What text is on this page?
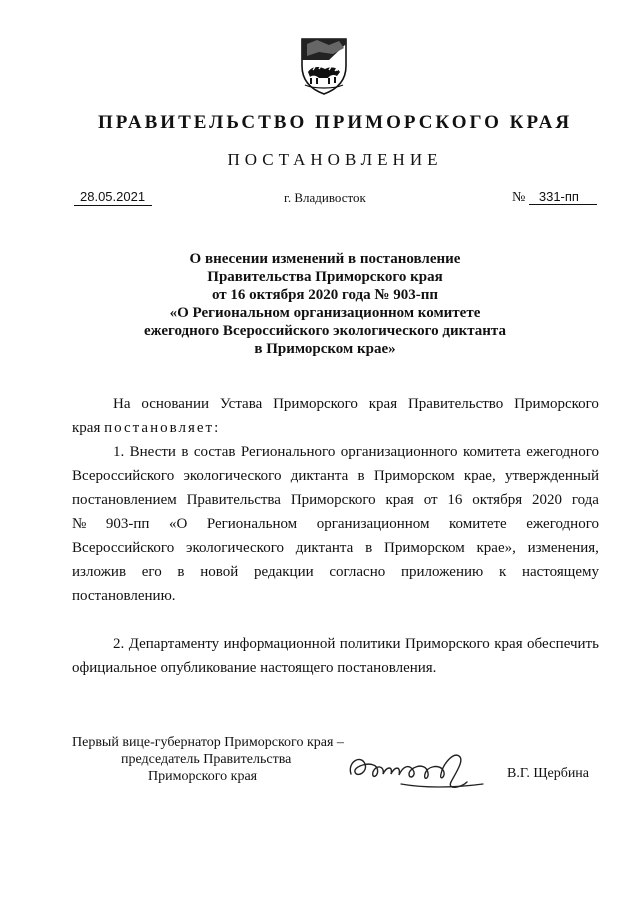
ПРАВИТЕЛЬСТВО ПРИМОРСКОГО КРАЯ
ПОСТАНОВЛЕНИЕ
28.05.2021	г. Владивосток	№ 331-пп
О внесении изменений в постановление
Правительства Приморского края
от 16 октября 2020 года № 903-пп
«О Региональном организационном комитете
ежегодного Всероссийского экологического диктанта
в Приморском крае»
На основании Устава Приморского края Правительство Приморского
края
постановляет:
1. Внести в состав Регионального организационного комитета ежегодного
Всероссийского экологического диктанта в Приморском крае, утвержденный
постановлением Правительства Приморского края от 16 октября 2020 года
№ 903-пп «О Региональном организационном комитете ежегодного
Всероссийского экологического диктанта в Приморском крае», изменения,
изложив его в новой редакции согласно приложению к настоящему
постановлению.
2. Департаменту информационной политики Приморского края обеспечить
официальное опубликование настоящего постановления.
Первый вице-губернатор Приморского края –
председатель Правительства
Приморского края	В.Г. Щербина
